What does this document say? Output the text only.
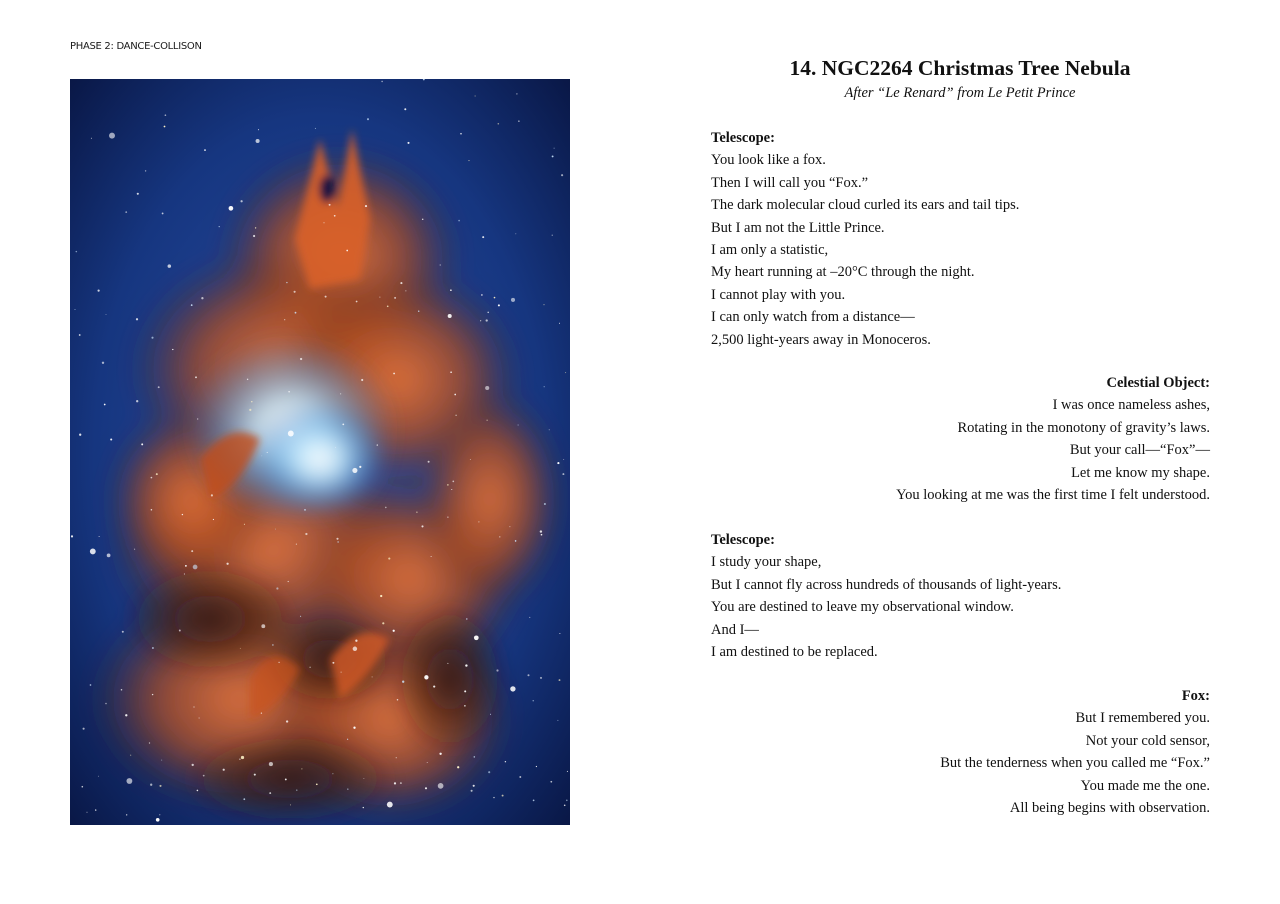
PHASE 2: DANCE-COLLISON
14. NGC2264 Christmas Tree Nebula
After “Le Renard” from Le Petit Prince
Telescope:
You look like a fox.
Then I will call you “Fox.”
The dark molecular cloud curled its ears and tail tips.
But I am not the Little Prince.
I am only a statistic,
My heart running at –20°C through the night.
I cannot play with you.
I can only watch from a distance—
2,500 light-years away in Monoceros.
Celestial Object:
I was once nameless ashes,
Rotating in the monotony of gravity’s laws.
But your call—“Fox”—
Let me know my shape.
You looking at me was the first time I felt understood.
Telescope:
I study your shape,
But I cannot fly across hundreds of thousands of light-years.
You are destined to leave my observational window.
And I—
I am destined to be replaced.
Fox:
But I remembered you.
Not your cold sensor,
But the tenderness when you called me “Fox.”
You made me the one.
All being begins with observation.
